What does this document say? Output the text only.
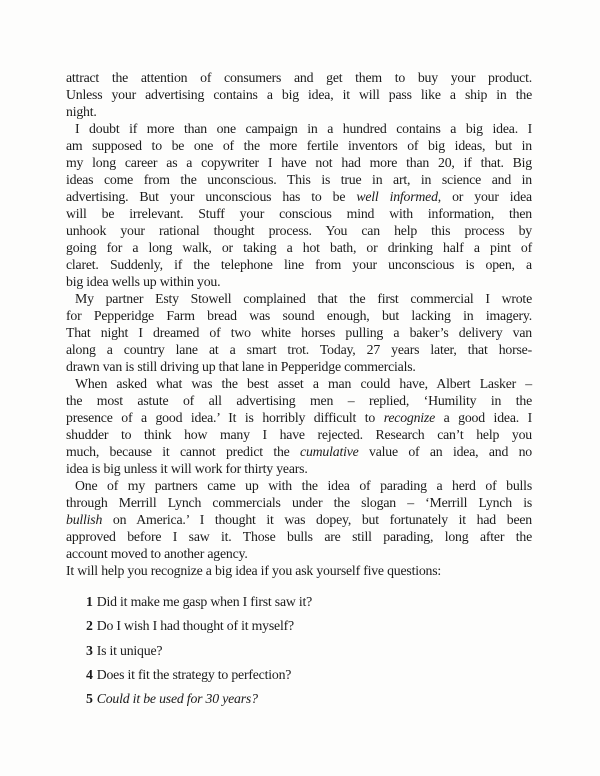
attract the attention of consumers and get them to buy your product.
Unless your advertising contains a big idea, it will pass like a ship in the
night.
I doubt if more than one campaign in a hundred contains a big idea. I
am supposed to be one of the more fertile inventors of big ideas, but in
my long career as a copywriter I have not had more than 20, if that. Big
ideas come from the unconscious. This is true in art, in science and in
advertising. But your unconscious has to be well informed, or your idea
will be irrelevant. Stuff your conscious mind with information, then
unhook your rational thought process. You can help this process by
going for a long walk, or taking a hot bath, or drinking half a pint of
claret. Suddenly, if the telephone line from your unconscious is open, a
big idea wells up within you.
My partner Esty Stowell complained that the first commercial I wrote
for Pepperidge Farm bread was sound enough, but lacking in imagery.
That night I dreamed of two white horses pulling a baker’s delivery van
along a country lane at a smart trot. Today, 27 years later, that horse-
drawn van is still driving up that lane in Pepperidge commercials.
When asked what was the best asset a man could have, Albert Lasker –
the most astute of all advertising men – replied, ‘Humility in the
presence of a good idea.’ It is horribly difficult to recognize a good idea. I
shudder to think how many I have rejected. Research can’t help you
much, because it cannot predict the cumulative value of an idea, and no
idea is big unless it will work for thirty years.
One of my partners came up with the idea of parading a herd of bulls
through Merrill Lynch commercials under the slogan – ‘Merrill Lynch is
bullish on America.’ I thought it was dopey, but fortunately it had been
approved before I saw it. Those bulls are still parading, long after the
account moved to another agency.
It will help you recognize a big idea if you ask yourself five questions:
1 Did it make me gasp when I first saw it?
2 Do I wish I had thought of it myself?
3 Is it unique?
4 Does it fit the strategy to perfection?
5 Could it be used for 30 years?
